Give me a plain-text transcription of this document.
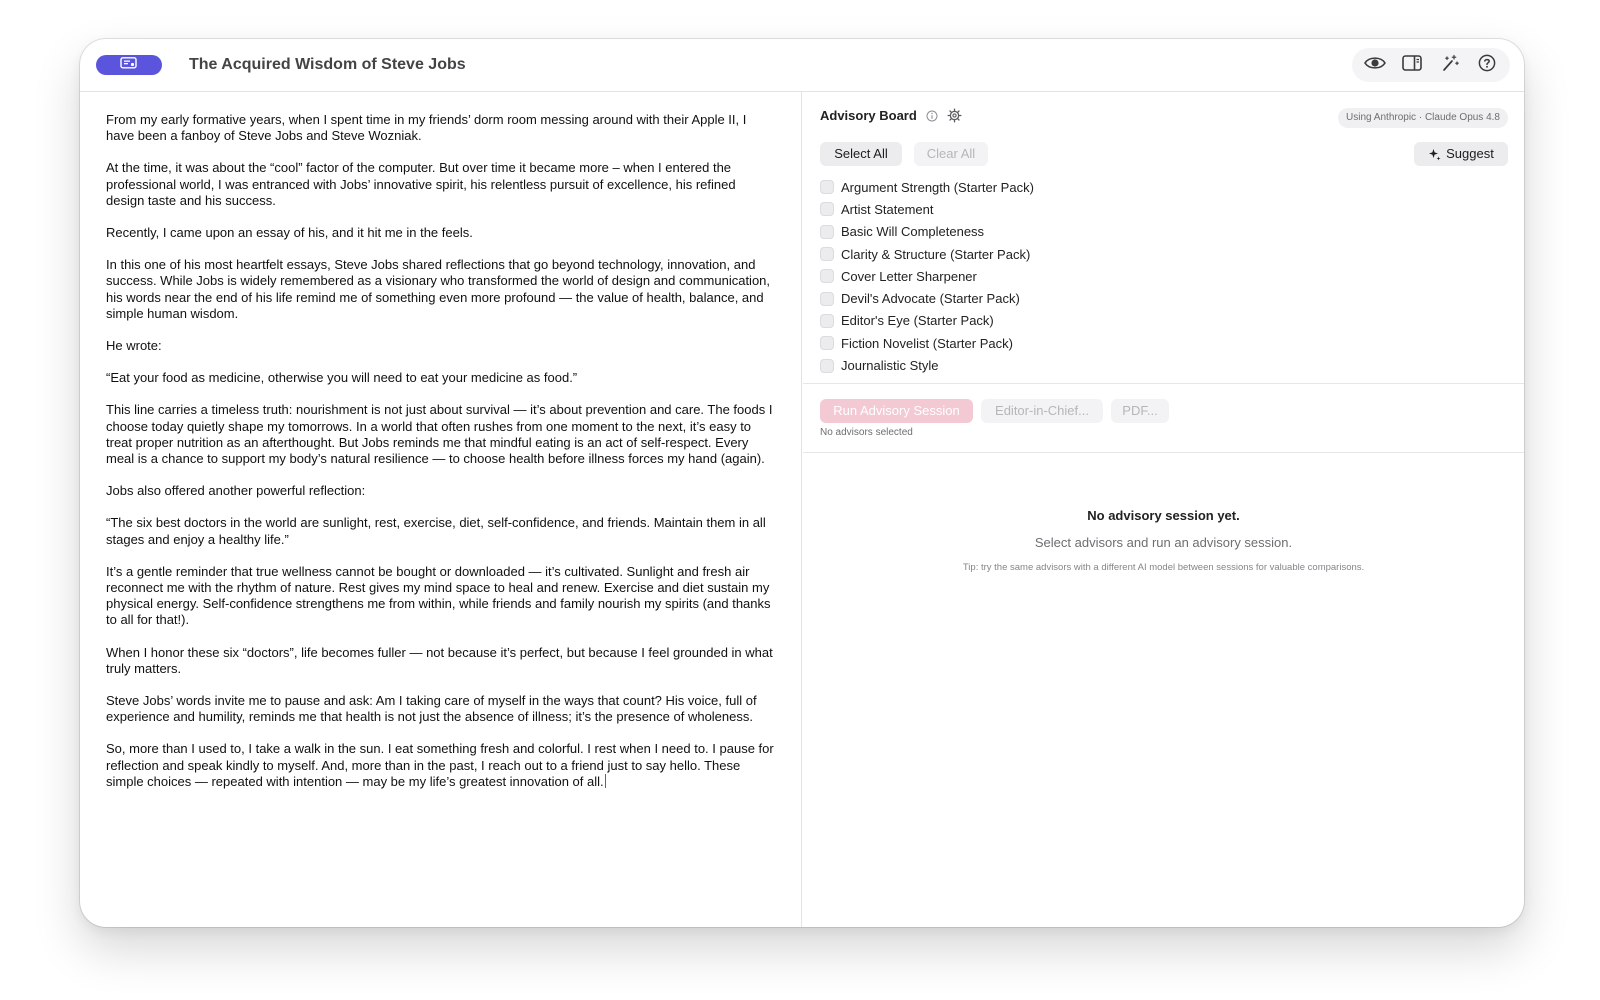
The Acquired Wisdom of Steve Jobs

From my early formative years, when I spent time in my friends’ dorm room messing around with their Apple II, I have been a fanboy of Steve Jobs and Steve Wozniak.

At the time, it was about the “cool” factor of the computer. But over time it became more – when I entered the professional world, I was entranced with Jobs’ innovative spirit, his relentless pursuit of excellence, his refined design taste and his success.

Recently, I came upon an essay of his, and it hit me in the feels.

In this one of his most heartfelt essays, Steve Jobs shared reflections that go beyond technology, innovation, and success. While Jobs is widely remembered as a visionary who transformed the world of design and communication, his words near the end of his life remind me of something even more profound — the value of health, balance, and simple human wisdom.

He wrote:

“Eat your food as medicine, otherwise you will need to eat your medicine as food.”

This line carries a timeless truth: nourishment is not just about survival — it’s about prevention and care. The foods I choose today quietly shape my tomorrows. In a world that often rushes from one moment to the next, it’s easy to treat proper nutrition as an afterthought. But Jobs reminds me that mindful eating is an act of self-respect. Every meal is a chance to support my body’s natural resilience — to choose health before illness forces my hand (again).

Jobs also offered another powerful reflection:

“The six best doctors in the world are sunlight, rest, exercise, diet, self-confidence, and friends. Maintain them in all stages and enjoy a healthy life.”

It’s a gentle reminder that true wellness cannot be bought or downloaded — it’s cultivated. Sunlight and fresh air reconnect me with the rhythm of nature. Rest gives my mind space to heal and renew. Exercise and diet sustain my physical energy. Self-confidence strengthens me from within, while friends and family nourish my spirits (and thanks to all for that!).

When I honor these six “doctors”, life becomes fuller — not because it’s perfect, but because I feel grounded in what truly matters.

Steve Jobs’ words invite me to pause and ask: Am I taking care of myself in the ways that count? His voice, full of experience and humility, reminds me that health is not just the absence of illness; it’s the presence of wholeness.

So, more than I used to, I take a walk in the sun. I eat something fresh and colorful. I rest when I need to. I pause for reflection and speak kindly to myself. And, more than in the past, I reach out to a friend just to say hello. These simple choices — repeated with intention — may be my life’s greatest innovation of all.

Advisory Board	Using Anthropic · Claude Opus 4.8
Select All	Clear All	Suggest
Argument Strength (Starter Pack)
Artist Statement
Basic Will Completeness
Clarity & Structure (Starter Pack)
Cover Letter Sharpener
Devil's Advocate (Starter Pack)
Editor's Eye (Starter Pack)
Fiction Novelist (Starter Pack)
Journalistic Style
Run Advisory Session	Editor-in-Chief...	PDF...
No advisors selected
No advisory session yet.
Select advisors and run an advisory session.
Tip: try the same advisors with a different AI model between sessions for valuable comparisons.
